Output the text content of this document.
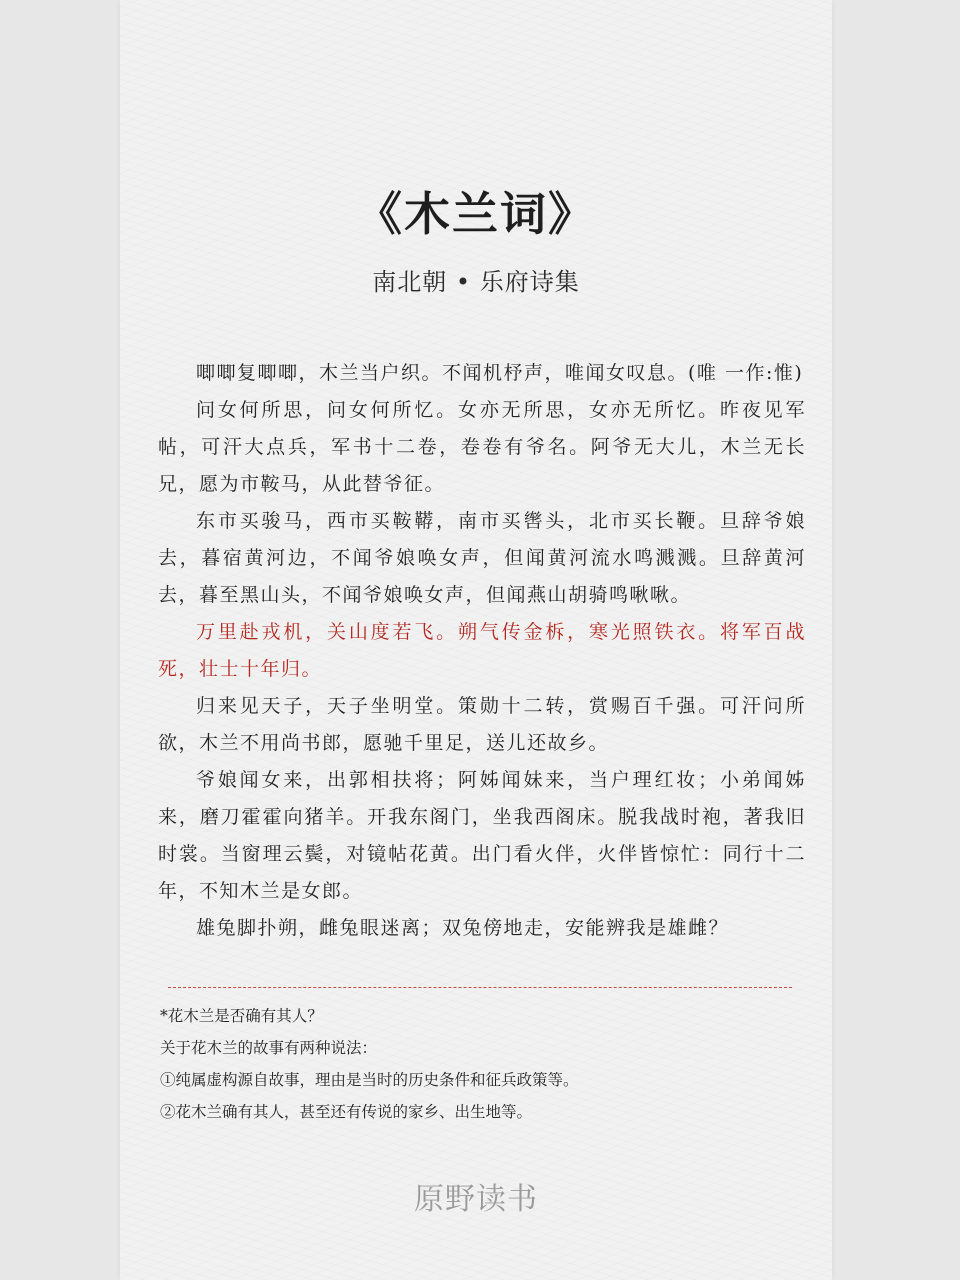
《木兰词》
南北朝 • 乐府诗集

唧唧复唧唧，木兰当户织。不闻机杼声，唯闻女叹息。(唯 一作:惟)

问女何所思，问女何所忆。女亦无所思，女亦无所忆。昨夜见军帖，可汗大点兵，军书十二卷，卷卷有爷名。阿爷无大儿，木兰无长兄，愿为市鞍马，从此替爷征。

东市买骏马，西市买鞍鞯，南市买辔头，北市买长鞭。旦辞爷娘去，暮宿黄河边，不闻爷娘唤女声，但闻黄河流水鸣溅溅。旦辞黄河去，暮至黑山头，不闻爷娘唤女声，但闻燕山胡骑鸣啾啾。

万里赴戎机，关山度若飞。朔气传金柝，寒光照铁衣。将军百战死，壮士十年归。

归来见天子，天子坐明堂。策勋十二转，赏赐百千强。可汗问所欲，木兰不用尚书郎，愿驰千里足，送儿还故乡。

爷娘闻女来，出郭相扶将；阿姊闻妹来，当户理红妆；小弟闻姊来，磨刀霍霍向猪羊。开我东阁门，坐我西阁床。脱我战时袍，著我旧时裳。当窗理云鬓，对镜帖花黄。出门看火伴，火伴皆惊忙：同行十二年，不知木兰是女郎。

雄兔脚扑朔，雌兔眼迷离；双兔傍地走，安能辨我是雄雌？

*花木兰是否确有其人？
关于花木兰的故事有两种说法：
①纯属虚构源自故事，理由是当时的历史条件和征兵政策等。
②花木兰确有其人，甚至还有传说的家乡、出生地等。
原野读书
